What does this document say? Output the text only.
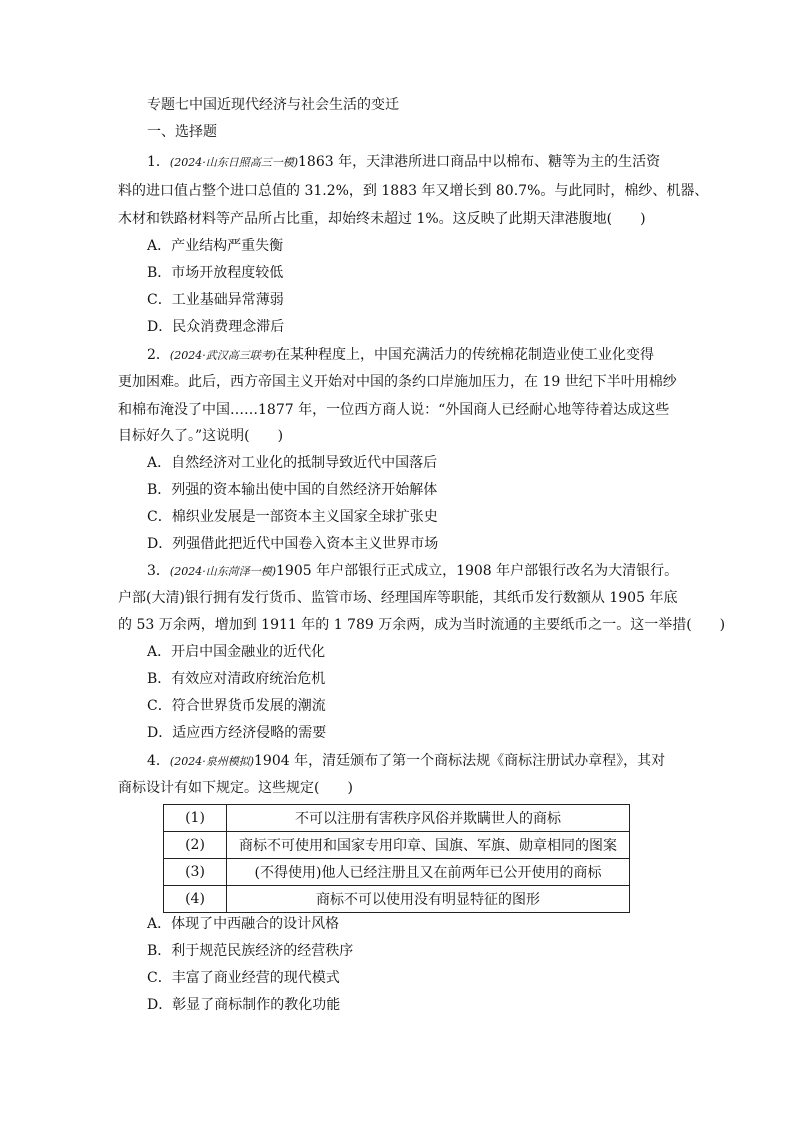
专题七中国近现代经济与社会生活的变迁
一、选择题
1．(2024·山东日照高三一模)1863 年，天津港所进口商品中以棉布、糖等为主的生活资
料的进口值占整个进口总值的 31.2%，到 1883 年又增长到 80.7%。与此同时，棉纱、机器、
木材和铁路材料等产品所占比重，却始终未超过 1%。这反映了此期天津港腹地(　　)
A．产业结构严重失衡
B．市场开放程度较低
C．工业基础异常薄弱
D．民众消费理念滞后
2．(2024·武汉高三联考)在某种程度上，中国充满活力的传统棉花制造业使工业化变得
更加困难。此后，西方帝国主义开始对中国的条约口岸施加压力，在 19 世纪下半叶用棉纱
和棉布淹没了中国……1877 年，一位西方商人说：“外国商人已经耐心地等待着达成这些
目标好久了。”这说明(　　)
A．自然经济对工业化的抵制导致近代中国落后
B．列强的资本输出使中国的自然经济开始解体
C．棉织业发展是一部资本主义国家全球扩张史
D．列强借此把近代中国卷入资本主义世界市场
3．(2024·山东菏泽一模)1905 年户部银行正式成立，1908 年户部银行改名为大清银行。
户部(大清)银行拥有发行货币、监管市场、经理国库等职能，其纸币发行数额从 1905 年底
的 53 万余两，增加到 1911 年的 1 789 万余两，成为当时流通的主要纸币之一。这一举措(　　)
A．开启中国金融业的近代化
B．有效应对清政府统治危机
C．符合世界货币发展的潮流
D．适应西方经济侵略的需要
4．(2024·泉州模拟)1904 年，清廷颁布了第一个商标法规《商标注册试办章程》，其对
商标设计有如下规定。这些规定(　　)
(1)	不可以注册有害秩序风俗并欺瞒世人的商标
(2)	商标不可使用和国家专用印章、国旗、军旗、勋章相同的图案
(3)	(不得使用)他人已经注册且又在前两年已公开使用的商标
(4)	商标不可以使用没有明显特征的图形
A．体现了中西融合的设计风格
B．利于规范民族经济的经营秩序
C．丰富了商业经营的现代模式
D．彰显了商标制作的教化功能
